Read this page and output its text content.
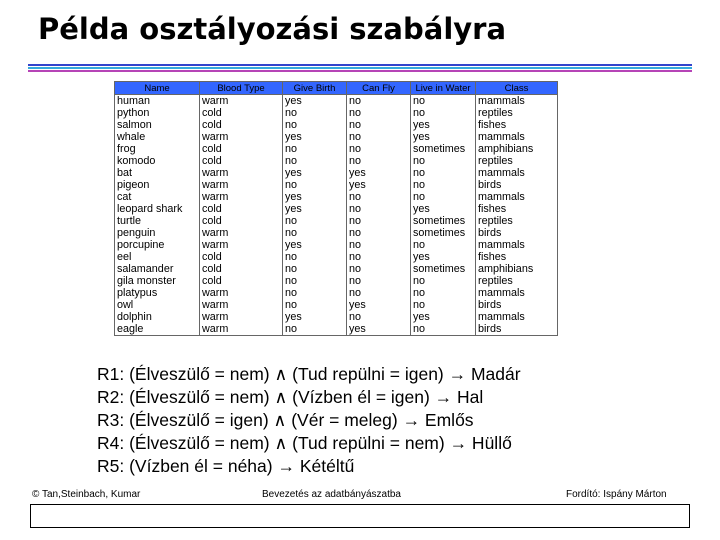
Példa osztályozási szabályra
Name	Blood Type	Give Birth	Can Fly	Live in Water	Class
human	warm	yes	no	no	mammals
python	cold	no	no	no	reptiles
salmon	cold	no	no	yes	fishes
whale	warm	yes	no	yes	mammals
frog	cold	no	no	sometimes	amphibians
komodo	cold	no	no	no	reptiles
bat	warm	yes	yes	no	mammals
pigeon	warm	no	yes	no	birds
cat	warm	yes	no	no	mammals
leopard shark	cold	yes	no	yes	fishes
turtle	cold	no	no	sometimes	reptiles
penguin	warm	no	no	sometimes	birds
porcupine	warm	yes	no	no	mammals
eel	cold	no	no	yes	fishes
salamander	cold	no	no	sometimes	amphibians
gila monster	cold	no	no	no	reptiles
platypus	warm	no	no	no	mammals
owl	warm	no	yes	no	birds
dolphin	warm	yes	no	yes	mammals
eagle	warm	no	yes	no	birds
R1: (Élveszülő = nem) ∧ (Tud repülni = igen) → Madár
R2: (Élveszülő = nem) ∧ (Vízben él = igen) → Hal
R3: (Élveszülő = igen) ∧ (Vér = meleg) → Emlős
R4: (Élveszülő = nem) ∧ (Tud repülni = nem) → Hüllő
R5: (Vízben él = néha) → Kétéltű
© Tan,Steinbach, Kumar	Bevezetés az adatbányászatba	Fordító: Ispány Márton
